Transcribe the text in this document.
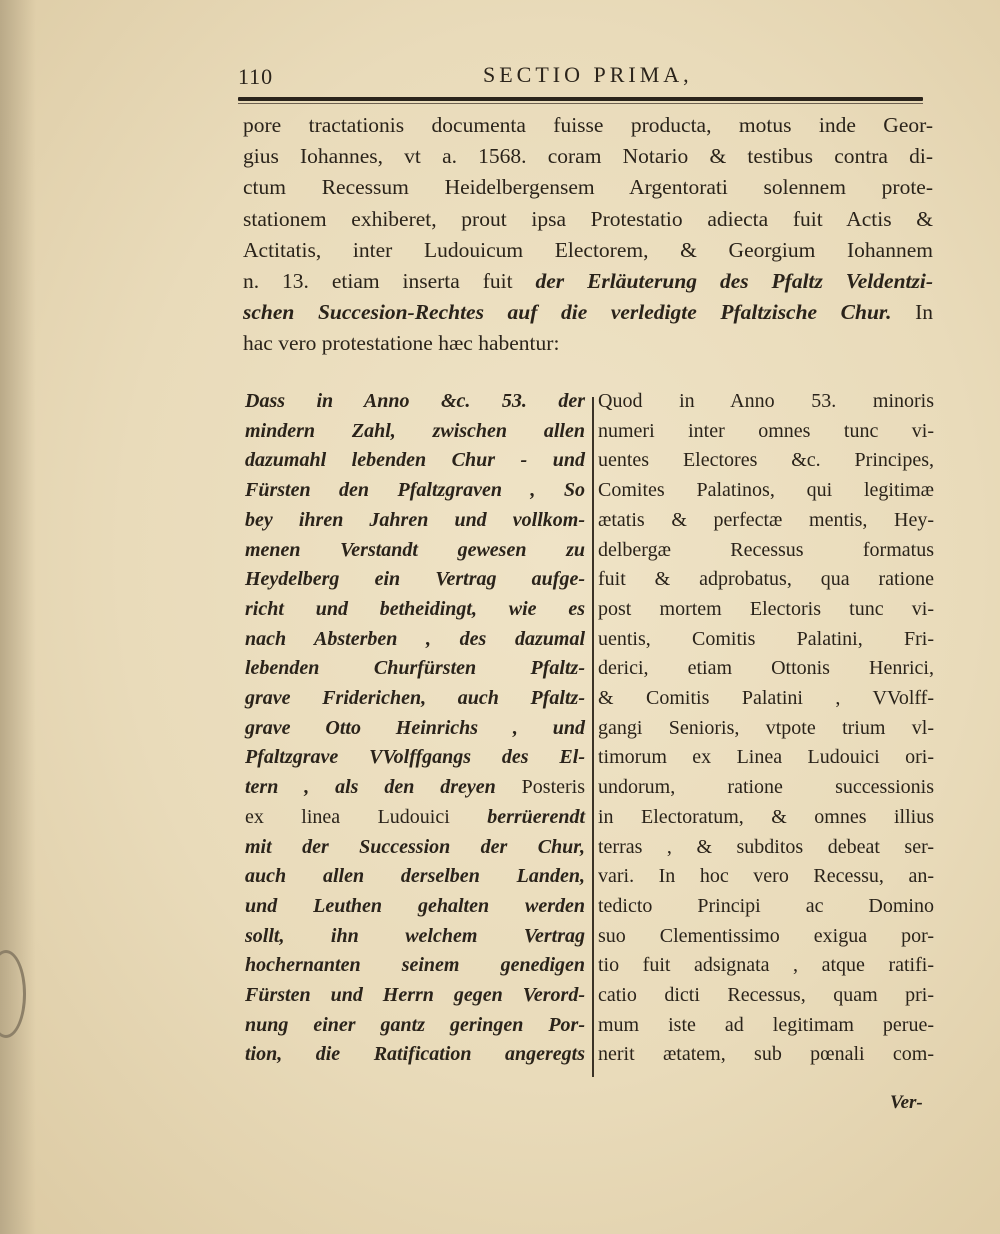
110	SECTIO PRIMA,
pore tractationis documenta fuisse producta, motus inde Geor-
gius Iohannes, vt a. 1568. coram Notario & testibus contra di-
ctum Recessum Heidelbergensem Argentorati solennem prote-
stationem exhiberet, prout ipsa Protestatio adiecta fuit Actis &
Actitatis, inter Ludouicum Electorem, & Georgium Iohannem
n. 13. etiam inserta fuit der Erläuterung des Pfaltz Veldentzi-
schen Succesion-Rechtes auf die verledigte Pfaltzische Chur. In
hac vero protestatione hæc habentur:
Dass in Anno &c. 53. der
mindern Zahl, zwischen allen
dazumahl lebenden Chur - und
Fürsten den Pfaltzgraven , So
bey ihren Jahren und vollkom-
menen Verstandt gewesen zu
Heydelberg ein Vertrag aufge-
richt und betheidingt, wie es
nach Absterben , des dazumal
lebenden Churfürsten Pfaltz-
grave Friderichen, auch Pfaltz-
grave Otto Heinrichs , und
Pfaltzgrave VVolffgangs des El-
tern , als den dreyen Posteris
ex linea Ludouici berrüerendt
mit der Succession der Chur,
auch allen derselben Landen,
und Leuthen gehalten werden
sollt, ihn welchem Vertrag
hochernanten seinem genedigen
Fürsten und Herrn gegen Verord-
nung einer gantz geringen Por-
tion, die Ratification angeregts
Quod in Anno 53. minoris
numeri inter omnes tunc vi-
uentes Electores &c. Principes,
Comites Palatinos, qui legitimæ
ætatis & perfectæ mentis, Hey-
delbergæ Recessus formatus
fuit & adprobatus, qua ratione
post mortem Electoris tunc vi-
uentis, Comitis Palatini, Fri-
derici, etiam Ottonis Henrici,
& Comitis Palatini , VVolff-
gangi Senioris, vtpote trium vl-
timorum ex Linea Ludouici ori-
undorum, ratione successionis
in Electoratum, & omnes illius
terras , & subditos debeat ser-
vari. In hoc vero Recessu, an-
tedicto Principi ac Domino
suo Clementissimo exigua por-
tio fuit adsignata , atque ratifi-
catio dicti Recessus, quam pri-
mum iste ad legitimam perue-
nerit ætatem, sub pœnali com-
Ver-
